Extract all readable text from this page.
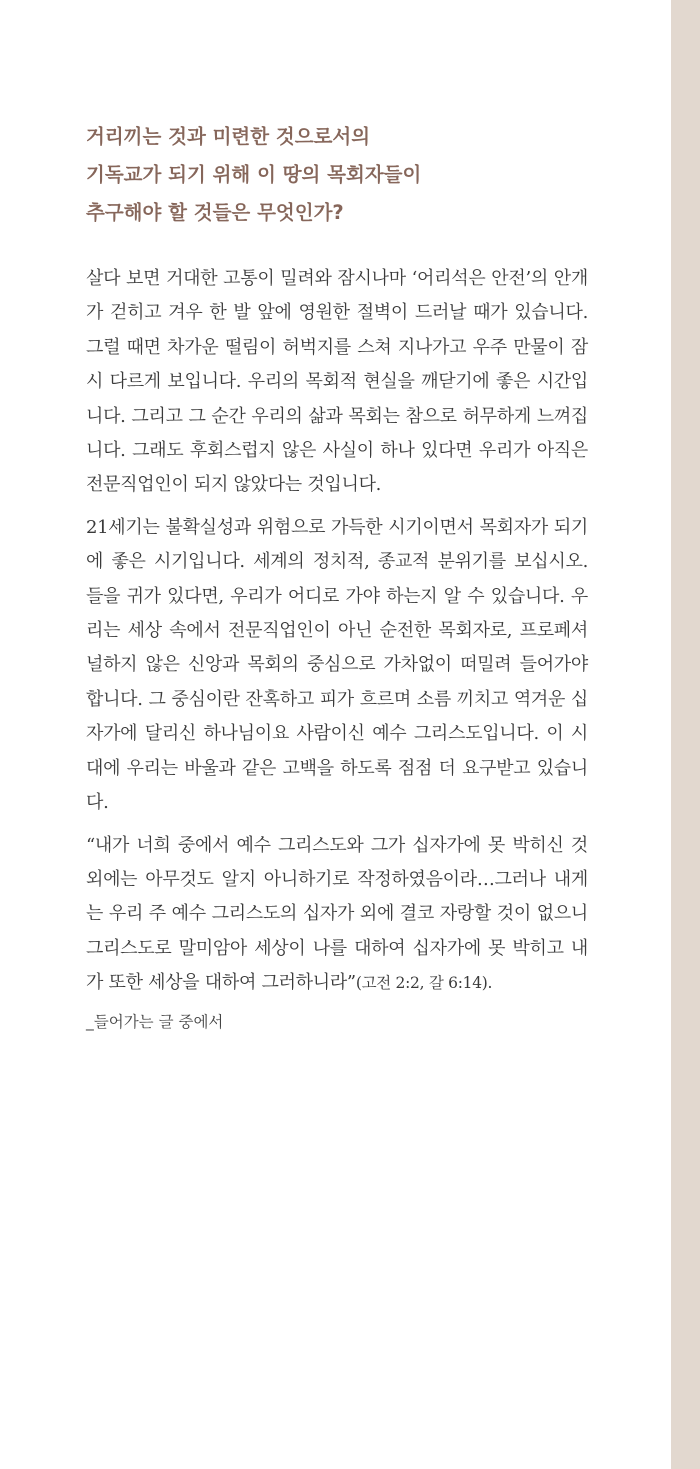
거리끼는 것과 미련한 것으로서의
기독교가 되기 위해 이 땅의 목회자들이
추구해야 할 것들은 무엇인가?

살다 보면 거대한 고통이 밀려와 잠시나마 ‘어리석은 안전’의 안개가 걷히고 겨우 한 발 앞에 영원한 절벽이 드러날 때가 있습니다. 그럴 때면 차가운 떨림이 허벅지를 스쳐 지나가고 우주 만물이 잠시 다르게 보입니다. 우리의 목회적 현실을 깨닫기에 좋은 시간입니다. 그리고 그 순간 우리의 삶과 목회는 참으로 허무하게 느껴집니다. 그래도 후회스럽지 않은 사실이 하나 있다면 우리가 아직은 전문직업인이 되지 않았다는 것입니다.

21세기는 불확실성과 위험으로 가득한 시기이면서 목회자가 되기에 좋은 시기입니다. 세계의 정치적, 종교적 분위기를 보십시오. 들을 귀가 있다면, 우리가 어디로 가야 하는지 알 수 있습니다. 우리는 세상 속에서 전문직업인이 아닌 순전한 목회자로, 프로페셔널하지 않은 신앙과 목회의 중심으로 가차없이 떠밀려 들어가야 합니다. 그 중심이란 잔혹하고 피가 흐르며 소름 끼치고 역겨운 십자가에 달리신 하나님이요 사람이신 예수 그리스도입니다. 이 시대에 우리는 바울과 같은 고백을 하도록 점점 더 요구받고 있습니다.

“내가 너희 중에서 예수 그리스도와 그가 십자가에 못 박히신 것 외에는 아무것도 알지 아니하기로 작정하였음이라…그러나 내게는 우리 주 예수 그리스도의 십자가 외에 결코 자랑할 것이 없으니 그리스도로 말미암아 세상이 나를 대하여 십자가에 못 박히고 내가 또한 세상을 대하여 그러하니라”(고전 2:2, 갈 6:14).

_들어가는 글 중에서
